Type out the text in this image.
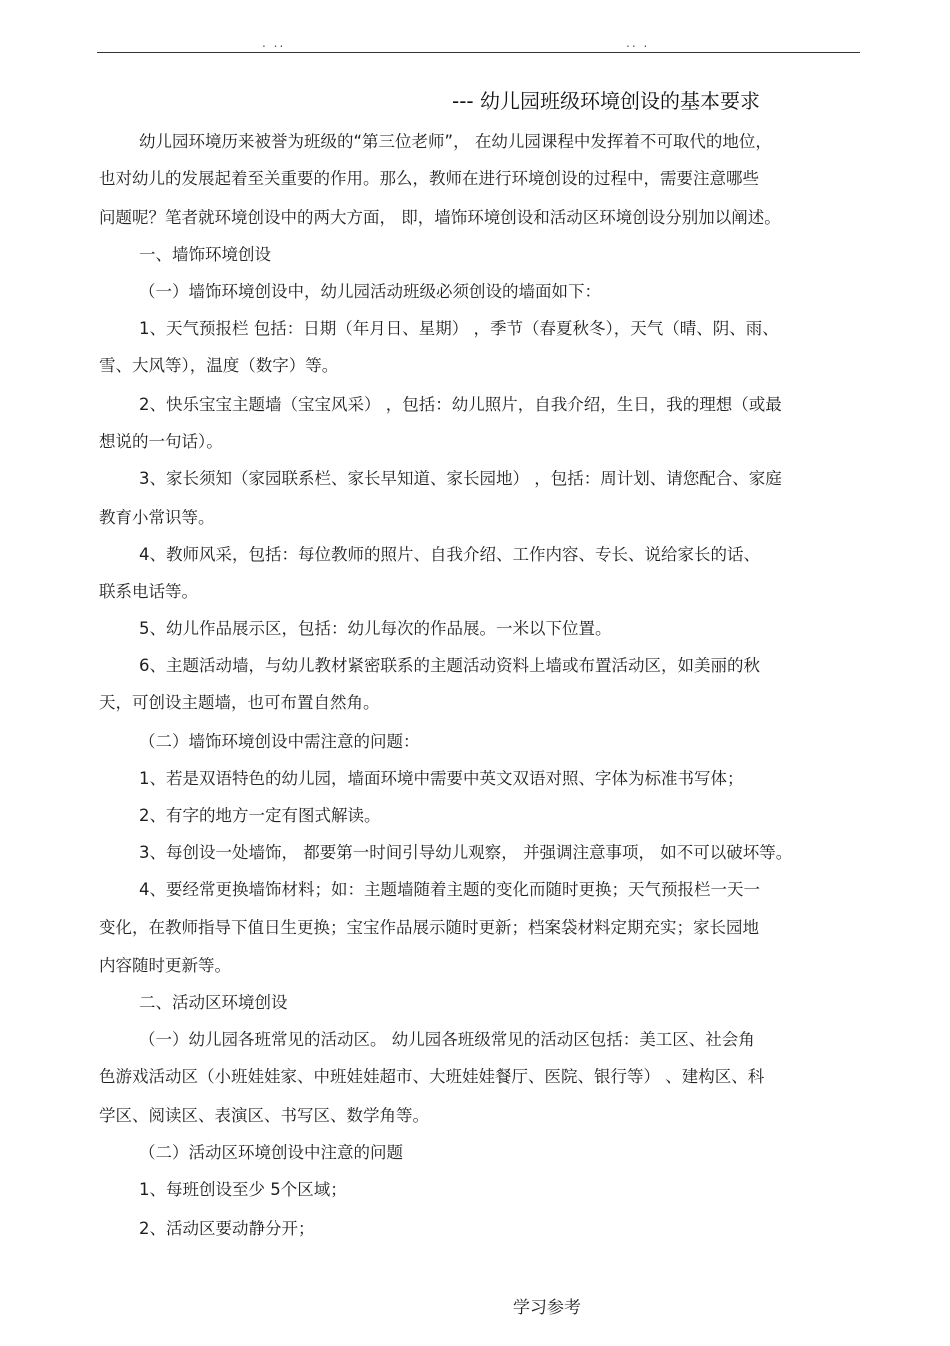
. ..	.. .
--- 幼儿园班级环境创设的基本要求
幼儿园环境历来被誉为班级的“第三位老师”， 在幼儿园课程中发挥着不可取代的地位，
也对幼儿的发展起着至关重要的作用。那么，教师在进行环境创设的过程中，需要注意哪些
问题呢？笔者就环境创设中的两大方面， 即，墙饰环境创设和活动区环境创设分别加以阐述。
一、墙饰环境创设
（一）墙饰环境创设中，幼儿园活动班级必须创设的墙面如下：
1、天气预报栏 包括：日期（年月日、星期） ，季节（春夏秋冬），天气（晴、阴、雨、
雪、大风等），温度（数字）等。
2、快乐宝宝主题墙（宝宝风采） ，包括：幼儿照片，自我介绍，生日，我的理想（或最
想说的一句话）。
3、家长须知（家园联系栏、家长早知道、家长园地） ，包括：周计划、请您配合、家庭
教育小常识等。
4、教师风采，包括：每位教师的照片、自我介绍、工作内容、专长、说给家长的话、
联系电话等。
5、幼儿作品展示区，包括：幼儿每次的作品展。一米以下位置。
6、主题活动墙，与幼儿教材紧密联系的主题活动资料上墙或布置活动区，如美丽的秋
天，可创设主题墙，也可布置自然角。
（二）墙饰环境创设中需注意的问题：
1、若是双语特色的幼儿园，墙面环境中需要中英文双语对照、字体为标准书写体；
2、有字的地方一定有图式解读。
3、每创设一处墙饰， 都要第一时间引导幼儿观察， 并强调注意事项， 如不可以破坏等。
4、要经常更换墙饰材料；如：主题墙随着主题的变化而随时更换；天气预报栏一天一
变化，在教师指导下值日生更换；宝宝作品展示随时更新；档案袋材料定期充实；家长园地
内容随时更新等。
二、活动区环境创设
（一）幼儿园各班常见的活动区。 幼儿园各班级常见的活动区包括：美工区、社会角
色游戏活动区（小班娃娃家、中班娃娃超市、大班娃娃餐厅、医院、银行等） 、建构区、科
学区、阅读区、表演区、书写区、数学角等。
（二）活动区环境创设中注意的问题
1、每班创设至少 5个区域；
2、活动区要动静分开；
学习参考
